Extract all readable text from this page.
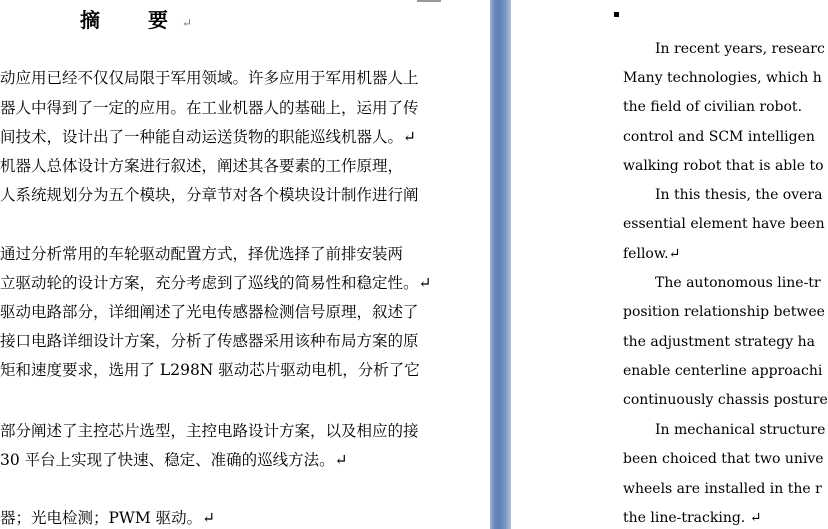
摘　要↵
动应用已经不仅仅局限于军用领域。许多应用于军用机器人上
器人中得到了一定的应用。在工业机器人的基础上，运用了传
间技术，设计出了一种能自动运送货物的职能巡线机器人。↵
机器人总体设计方案进行叙述，阐述其各要素的工作原理，
人系统规划分为五个模块，分章节对各个模块设计制作进行阐
通过分析常用的车轮驱动配置方式，择优选择了前排安装两
立驱动轮的设计方案，充分考虑到了巡线的简易性和稳定性。↵
驱动电路部分，详细阐述了光电传感器检测信号原理，叙述了
接口电路详细设计方案，分析了传感器采用该种布局方案的原
矩和速度要求，选用了 L298N 驱动芯片驱动电机，分析了它
部分阐述了主控芯片选型，主控电路设计方案，以及相应的接
30 平台上实现了快速、稳定、准确的巡线方法。↵
器；光电检测；PWM 驱动。↵
In recent years, researc
Many technologies, which h
the field of civilian robot.
control and SCM intelligen
walking robot that is able to
In this thesis, the overa
essential element have been
fellow.↵
The autonomous line-tr
position relationship betwee
the adjustment strategy ha
enable centerline approachi
continuously chassis posture
In mechanical structure
been choiced that two unive
wheels are installed in the r
the line-tracking. ↵
